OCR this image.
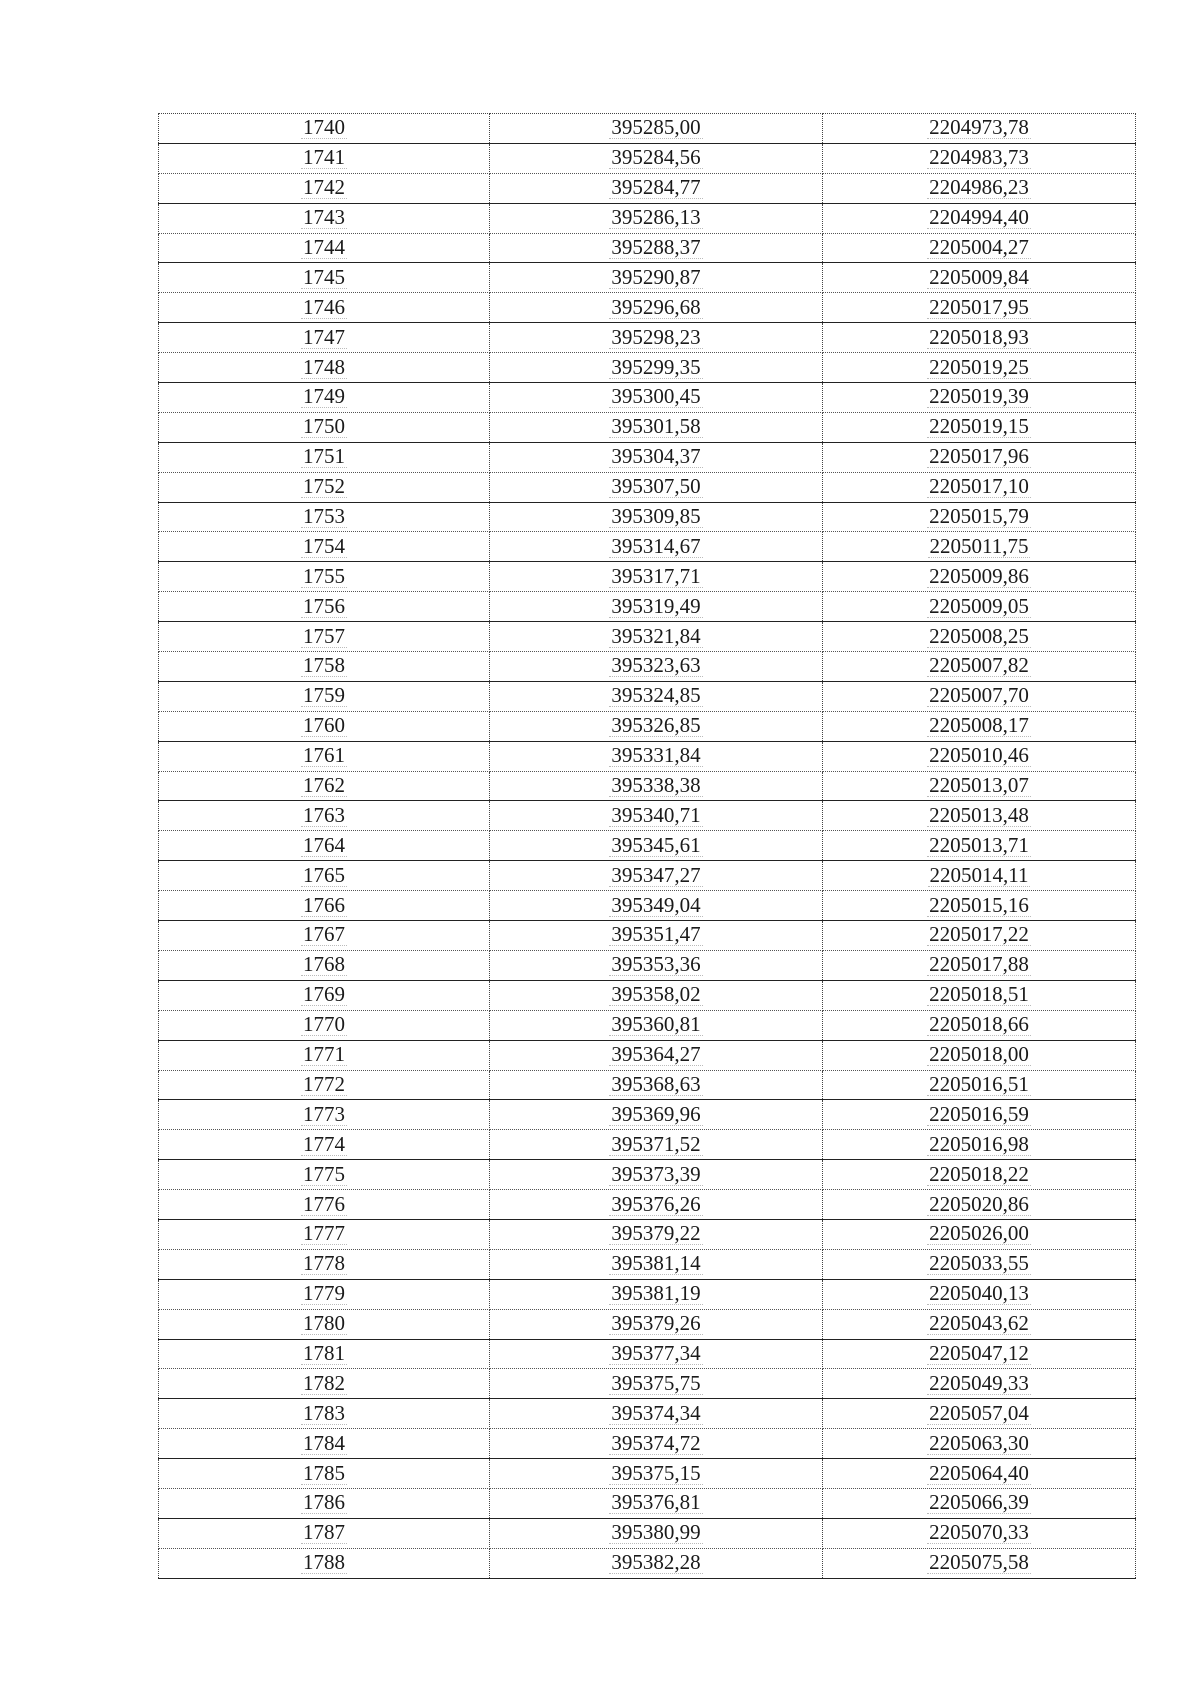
1740	395285,00	2204973,78
1741	395284,56	2204983,73
1742	395284,77	2204986,23
1743	395286,13	2204994,40
1744	395288,37	2205004,27
1745	395290,87	2205009,84
1746	395296,68	2205017,95
1747	395298,23	2205018,93
1748	395299,35	2205019,25
1749	395300,45	2205019,39
1750	395301,58	2205019,15
1751	395304,37	2205017,96
1752	395307,50	2205017,10
1753	395309,85	2205015,79
1754	395314,67	2205011,75
1755	395317,71	2205009,86
1756	395319,49	2205009,05
1757	395321,84	2205008,25
1758	395323,63	2205007,82
1759	395324,85	2205007,70
1760	395326,85	2205008,17
1761	395331,84	2205010,46
1762	395338,38	2205013,07
1763	395340,71	2205013,48
1764	395345,61	2205013,71
1765	395347,27	2205014,11
1766	395349,04	2205015,16
1767	395351,47	2205017,22
1768	395353,36	2205017,88
1769	395358,02	2205018,51
1770	395360,81	2205018,66
1771	395364,27	2205018,00
1772	395368,63	2205016,51
1773	395369,96	2205016,59
1774	395371,52	2205016,98
1775	395373,39	2205018,22
1776	395376,26	2205020,86
1777	395379,22	2205026,00
1778	395381,14	2205033,55
1779	395381,19	2205040,13
1780	395379,26	2205043,62
1781	395377,34	2205047,12
1782	395375,75	2205049,33
1783	395374,34	2205057,04
1784	395374,72	2205063,30
1785	395375,15	2205064,40
1786	395376,81	2205066,39
1787	395380,99	2205070,33
1788	395382,28	2205075,58
